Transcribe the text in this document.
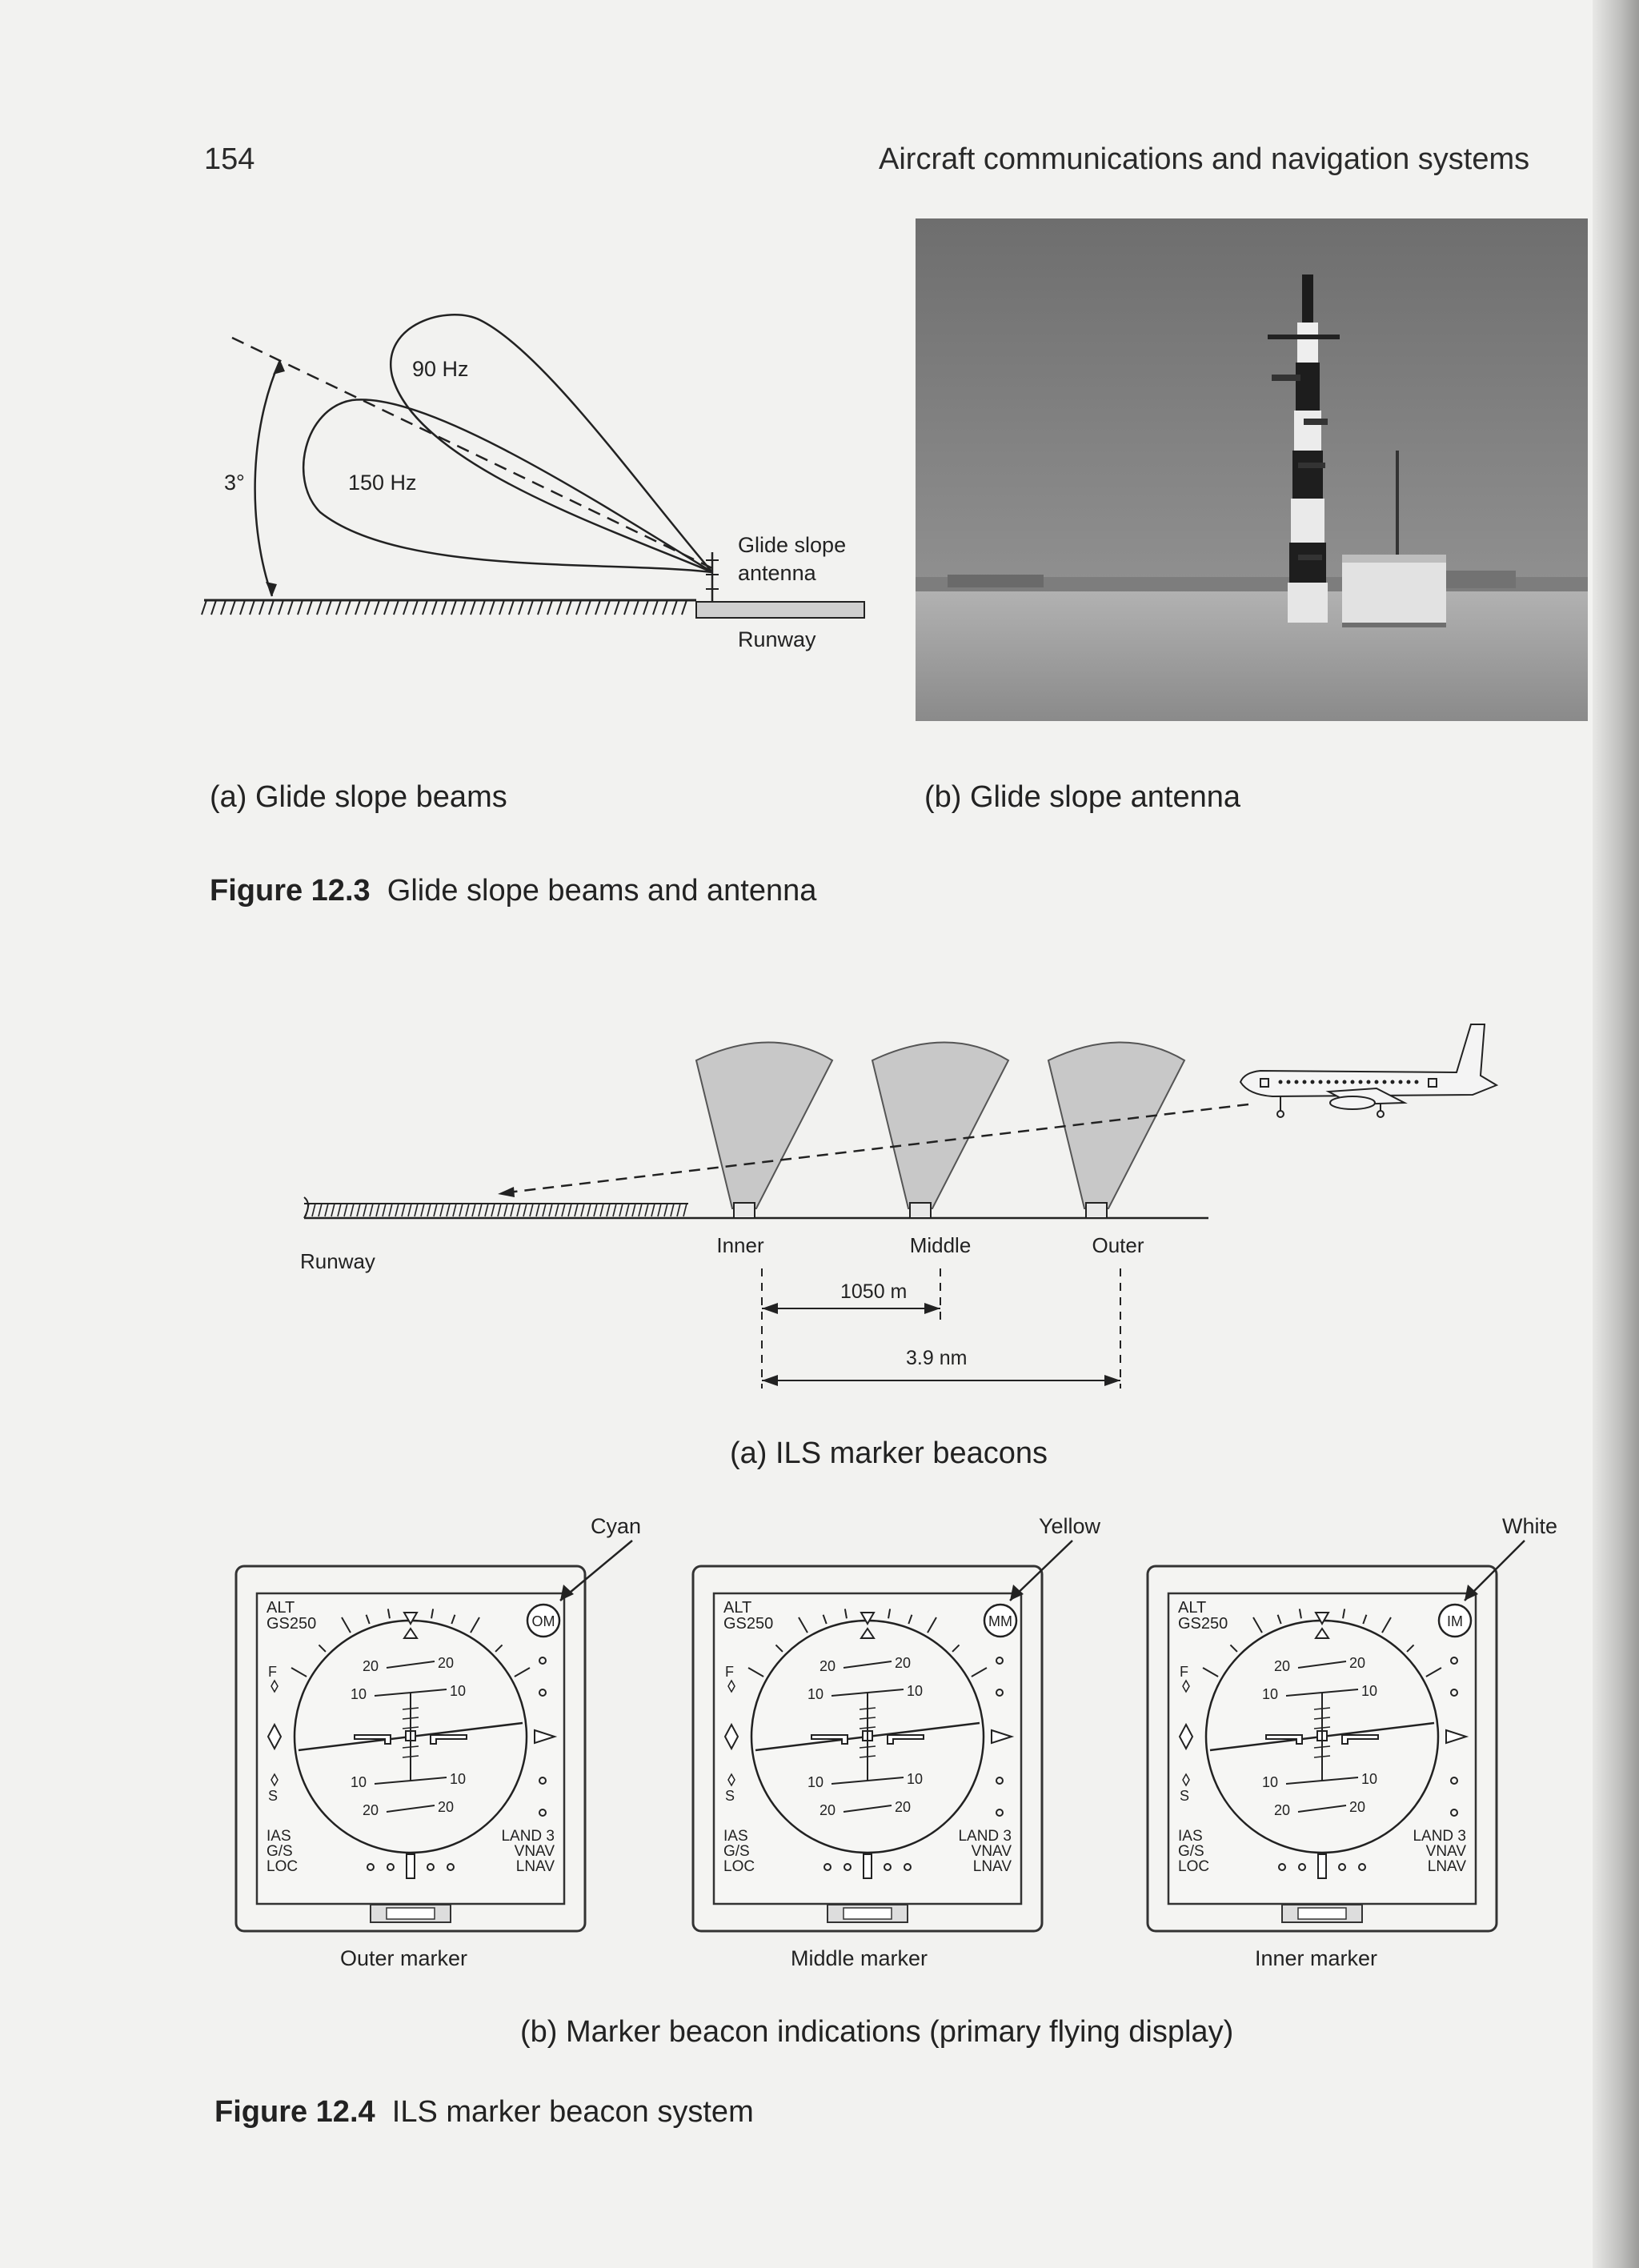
154	Aircraft communications and navigation systems
90 Hz
150 Hz
3°
Glide slope
antenna
Runway
(a) Glide slope beams	(b) Glide slope antenna
Figure 12.3 Glide slope beams and antenna
Runway
Inner	Middle	Outer
1050 m
3.9 nm
(a) ILS marker beacons
Cyan	Yellow	White
20	20
10	10
10	10
20	20
F
S
ALT
GS250
IAS
G/S
LOC
LAND 3
VNAV
LNAV
OM
20	20
10	10
10	10
20	20
F
S
ALT
GS250
IAS
G/S
LOC
LAND 3
VNAV
LNAV
MM
20	20
10	10
10	10
20	20
F
S
ALT
GS250
IAS
G/S
LOC
LAND 3
VNAV
LNAV
IM
Outer marker	Middle marker	Inner marker
(b) Marker beacon indications (primary flying display)
Figure 12.4 ILS marker beacon system
